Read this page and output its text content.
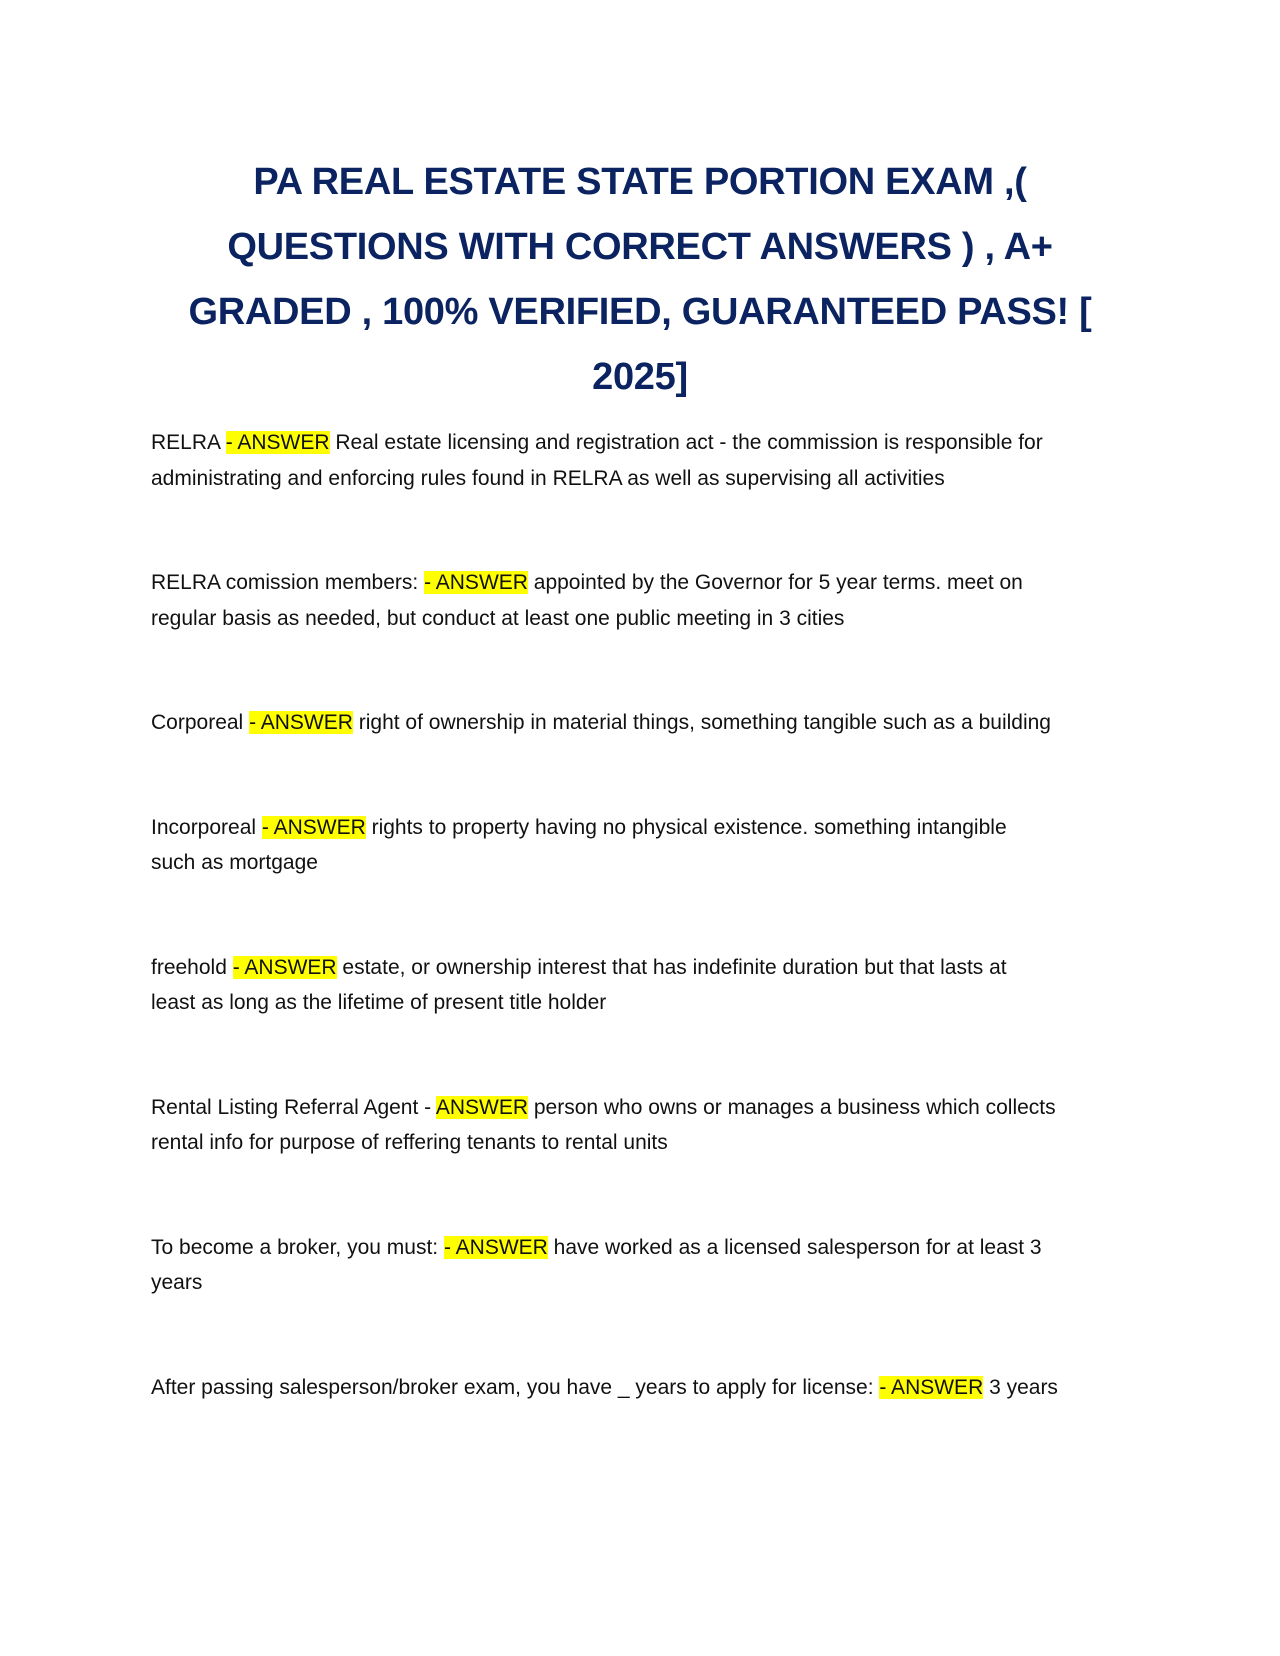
PA REAL ESTATE STATE PORTION EXAM ,(
QUESTIONS WITH CORRECT ANSWERS ) , A+
GRADED , 100% VERIFIED, GUARANTEED PASS! [
2025]
RELRA - ANSWER Real estate licensing and registration act - the commission is responsible for
administrating and enforcing rules found in RELRA as well as supervising all activities
RELRA comission members: - ANSWER appointed by the Governor for 5 year terms. meet on
regular basis as needed, but conduct at least one public meeting in 3 cities
Corporeal - ANSWER right of ownership in material things, something tangible such as a building
Incorporeal - ANSWER rights to property having no physical existence. something intangible
such as mortgage
freehold - ANSWER estate, or ownership interest that has indefinite duration but that lasts at
least as long as the lifetime of present title holder
Rental Listing Referral Agent - ANSWER person who owns or manages a business which collects
rental info for purpose of reffering tenants to rental units
To become a broker, you must: - ANSWER have worked as a licensed salesperson for at least 3
years
After passing salesperson/broker exam, you have _ years to apply for license: - ANSWER 3 years
